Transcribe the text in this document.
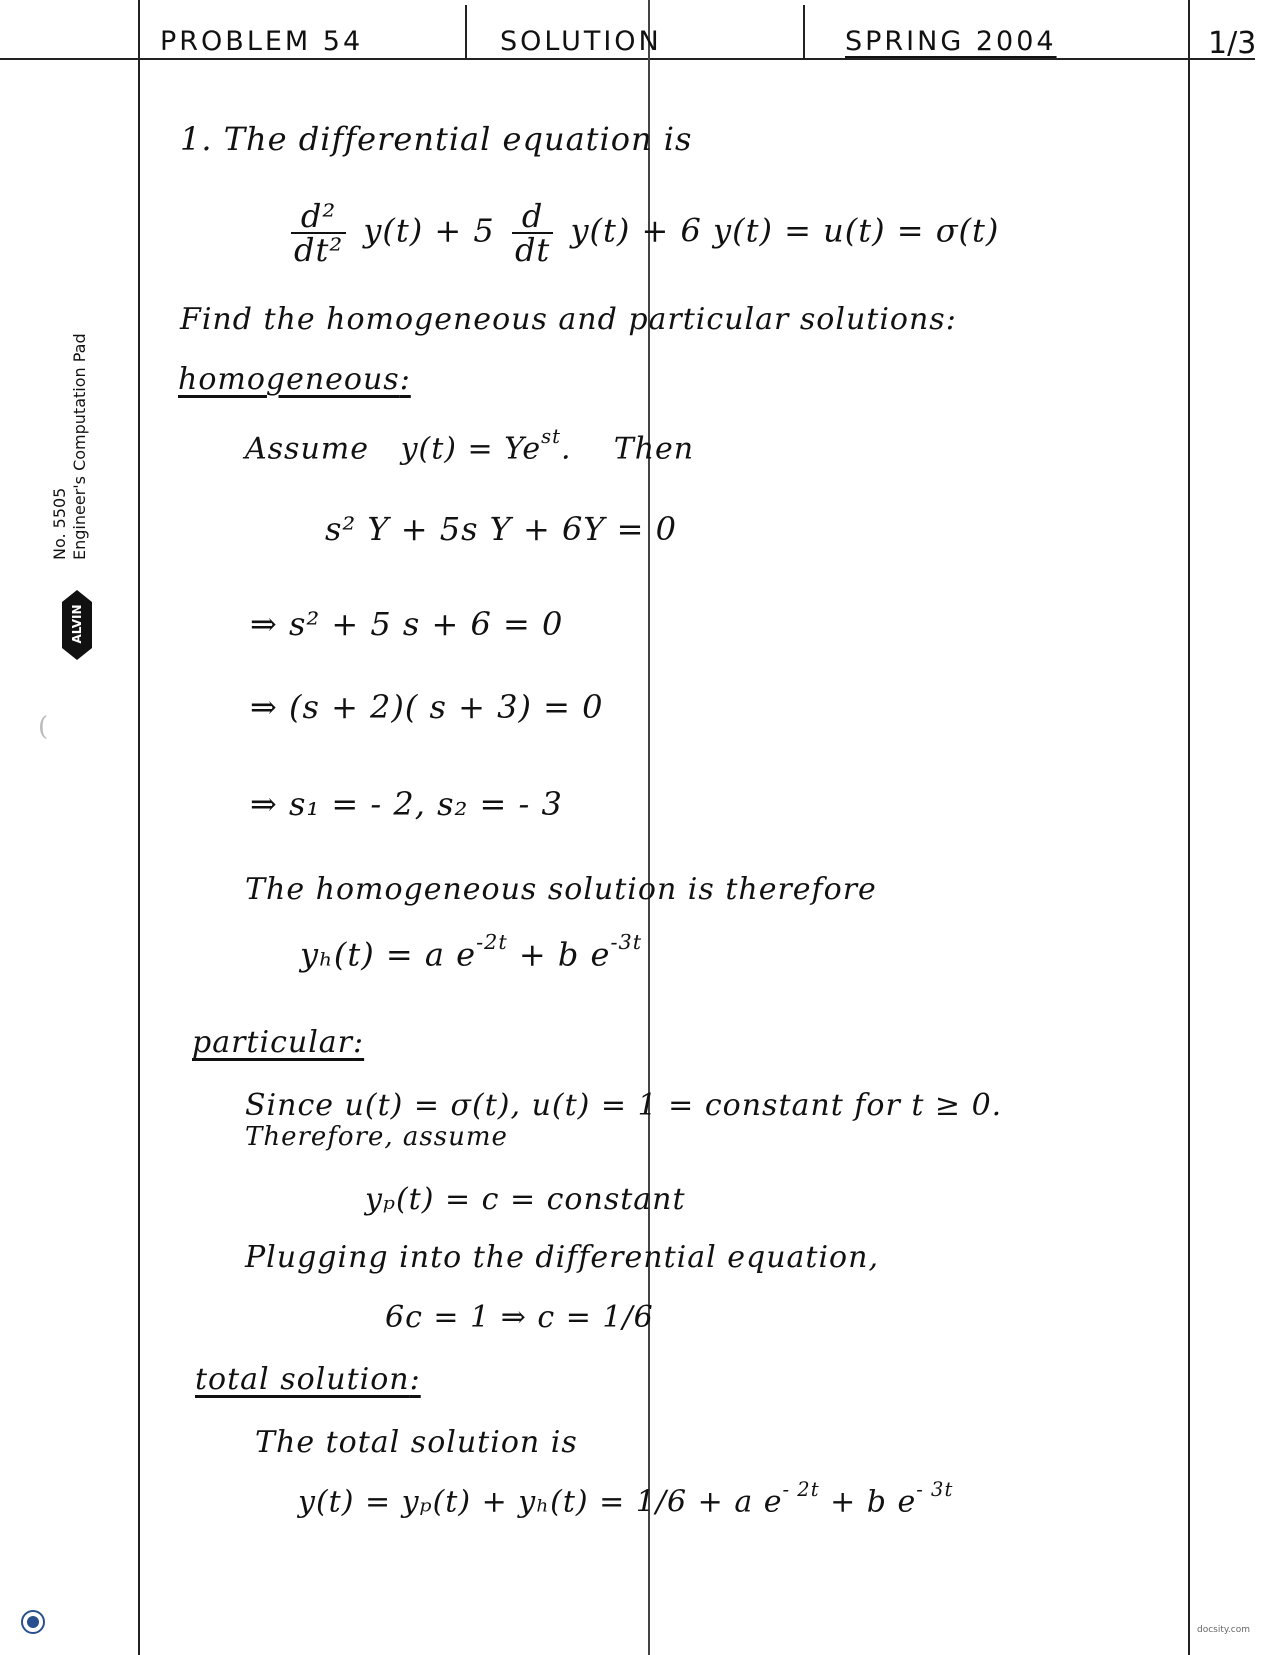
PROBLEM 54	SOLUTION	SPRING 2004	1/3
No. 5505 Engineer's Computation Pad
ALVIN
(
1. The differential equation is
$\frac{\text{d²}}{\text{dt²}} y(t) + 5 \frac{d}{dt} y(t) + 6$ y(t) = u(t) = σ(t)
Find the homogeneous and particular solutions:
homogeneous:
Assume $y(t) = Ye^{st}$.    Then
s² Y + 5s Y + 6Y = 0
⇒ s² + 5 s + 6 = 0
⇒ (s + 2)( s + 3) = 0
⇒ s₁ = - 2, s₂ = - 3
The homogeneous solution is therefore
yₕ(t) = a $e^{-2t} + b$ $e^{-3t}$
particular:
Since u(t) = σ(t), u(t) = 1 = constant for t ≥ 0.
Therefore, assume
yₚ(t) = c = constant
Plugging into the differential equation,
6c = 1 ⇒ c = 1/6
total solution:
The total solution is
y(t) = yₚ(t) + yₕ(t) = 1/6 + a $e^{- 2t} + b$ $e^{- 3t}$
docsity.com
